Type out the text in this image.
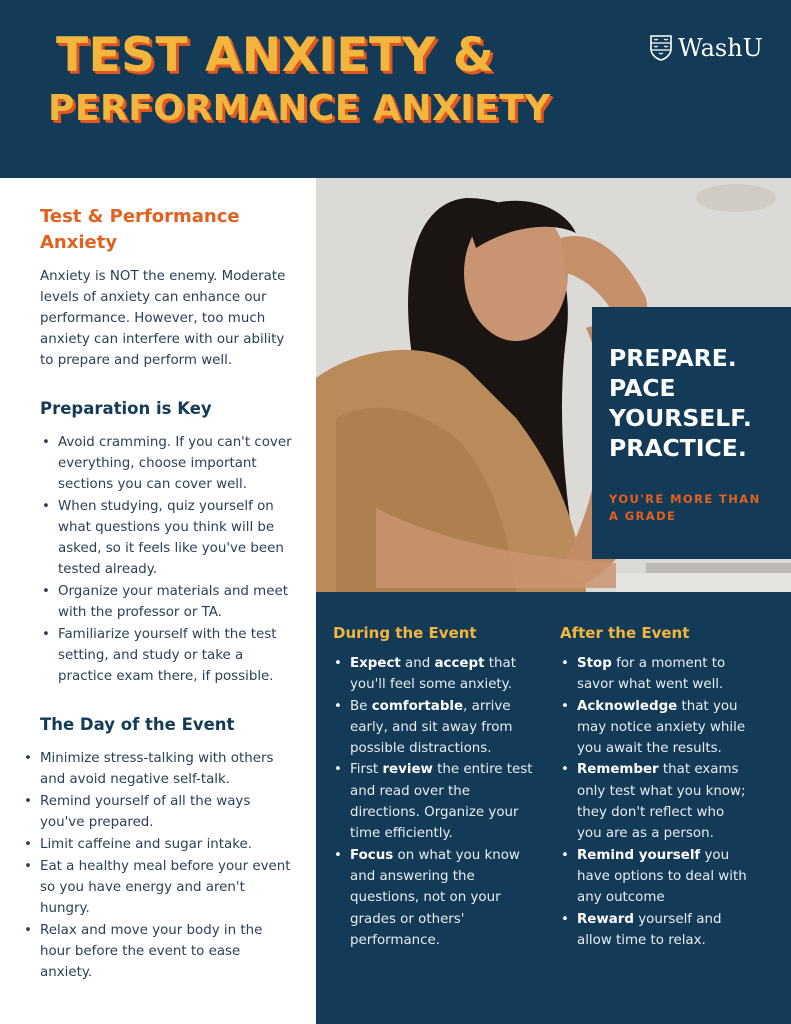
TEST ANXIETY &
PERFORMANCE ANXIETY
WashU
Test & Performance Anxiety

Anxiety is NOT the enemy. Moderate levels of anxiety can enhance our performance. However, too much anxiety can interfere with our ability to prepare and perform well.

Preparation is Key
• Avoid cramming. If you can't cover everything, choose important sections you can cover well.
• When studying, quiz yourself on what questions you think will be asked, so it feels like you've been tested already.
• Organize your materials and meet with the professor or TA.
• Familiarize yourself with the test setting, and study or take a practice exam there, if possible.
The Day of the Event
• Minimize stress-talking with others and avoid negative self-talk.
• Remind yourself of all the ways you've prepared.
• Limit caffeine and sugar intake.
• Eat a healthy meal before your event so you have energy and aren't hungry.
• Relax and move your body in the hour before the event to ease anxiety.
PREPARE. PACE YOURSELF. PRACTICE.
YOU'RE MORE THAN A GRADE
During the Event
• Expect and accept that you'll feel some anxiety.
• Be comfortable, arrive early, and sit away from possible distractions.
• First review the entire test and read over the directions. Organize your time efficiently.
• Focus on what you know and answering the questions, not on your grades or others' performance.
After the Event
• Stop for a moment to savor what went well.
• Acknowledge that you may notice anxiety while you await the results.
• Remember that exams only test what you know; they don't reflect who you are as a person.
• Remind yourself you have options to deal with any outcome
• Reward yourself and allow time to relax.
